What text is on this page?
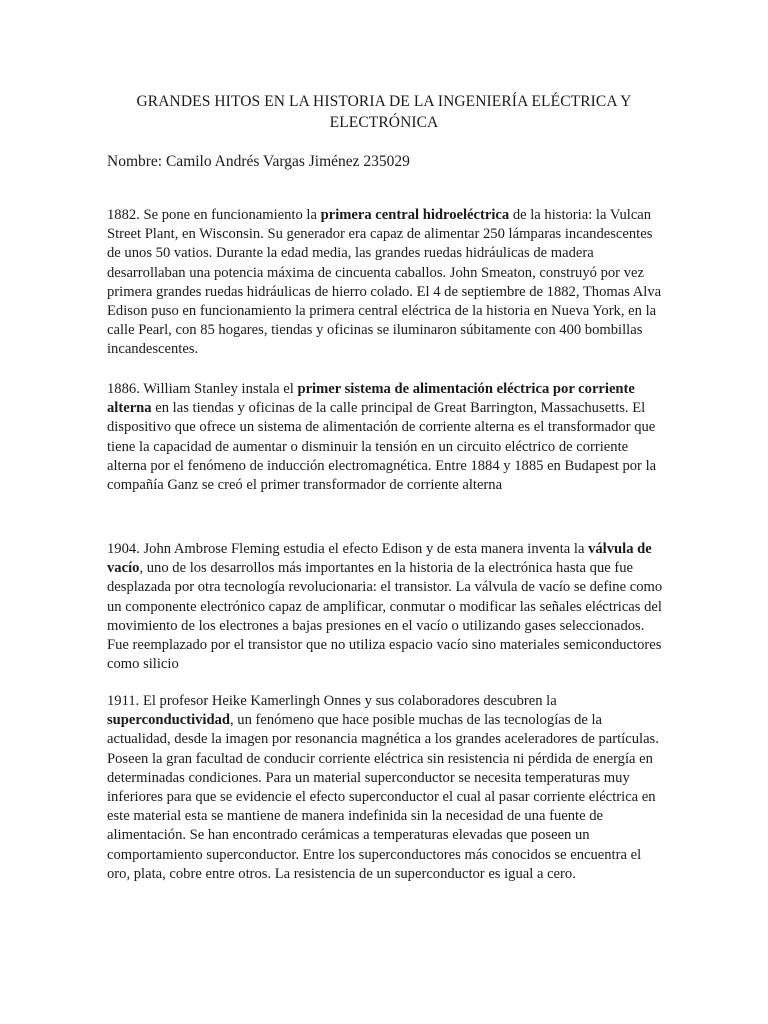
GRANDES HITOS EN LA HISTORIA DE LA INGENIERÍA ELÉCTRICA Y ELECTRÓNICA
Nombre: Camilo Andrés Vargas Jiménez 235029

1882. Se pone en funcionamiento la primera central hidroeléctrica de la historia: la Vulcan Street Plant, en Wisconsin. Su generador era capaz de alimentar 250 lámparas incandescentes de unos 50 vatios. Durante la edad media, las grandes ruedas hidráulicas de madera desarrollaban una potencia máxima de cincuenta caballos. John Smeaton, construyó por vez primera grandes ruedas hidráulicas de hierro colado. El 4 de septiembre de 1882, Thomas Alva Edison puso en funcionamiento la primera central eléctrica de la historia en Nueva York, en la calle Pearl, con 85 hogares, tiendas y oficinas se iluminaron súbitamente con 400 bombillas incandescentes.

1886. William Stanley instala el primer sistema de alimentación eléctrica por corriente alterna en las tiendas y oficinas de la calle principal de Great Barrington, Massachusetts. El dispositivo que ofrece un sistema de alimentación de corriente alterna es el transformador que tiene la capacidad de aumentar o disminuir la tensión en un circuito eléctrico de corriente alterna por el fenómeno de inducción electromagnética. Entre 1884 y 1885 en Budapest por la compañía Ganz se creó el primer transformador de corriente alterna

1904. John Ambrose Fleming estudia el efecto Edison y de esta manera inventa la válvula de vacío, uno de los desarrollos más importantes en la historia de la electrónica hasta que fue desplazada por otra tecnología revolucionaria: el transistor. La válvula de vacío se define como un componente electrónico capaz de amplificar, conmutar o modificar las señales eléctricas del movimiento de los electrones a bajas presiones en el vacío o utilizando gases seleccionados. Fue reemplazado por el transistor que no utiliza espacio vacío sino materiales semiconductores como silicio

1911. El profesor Heike Kamerlingh Onnes y sus colaboradores descubren la superconductividad, un fenómeno que hace posible muchas de las tecnologías de la actualidad, desde la imagen por resonancia magnética a los grandes aceleradores de partículas. Poseen la gran facultad de conducir corriente eléctrica sin resistencia ni pérdida de energía en determinadas condiciones. Para un material superconductor se necesita temperaturas muy inferiores para que se evidencie el efecto superconductor el cual al pasar corriente eléctrica en este material esta se mantiene de manera indefinida sin la necesidad de una fuente de alimentación. Se han encontrado cerámicas a temperaturas elevadas que poseen un comportamiento superconductor. Entre los superconductores más conocidos se encuentra el oro, plata, cobre entre otros. La resistencia de un superconductor es igual a cero.
